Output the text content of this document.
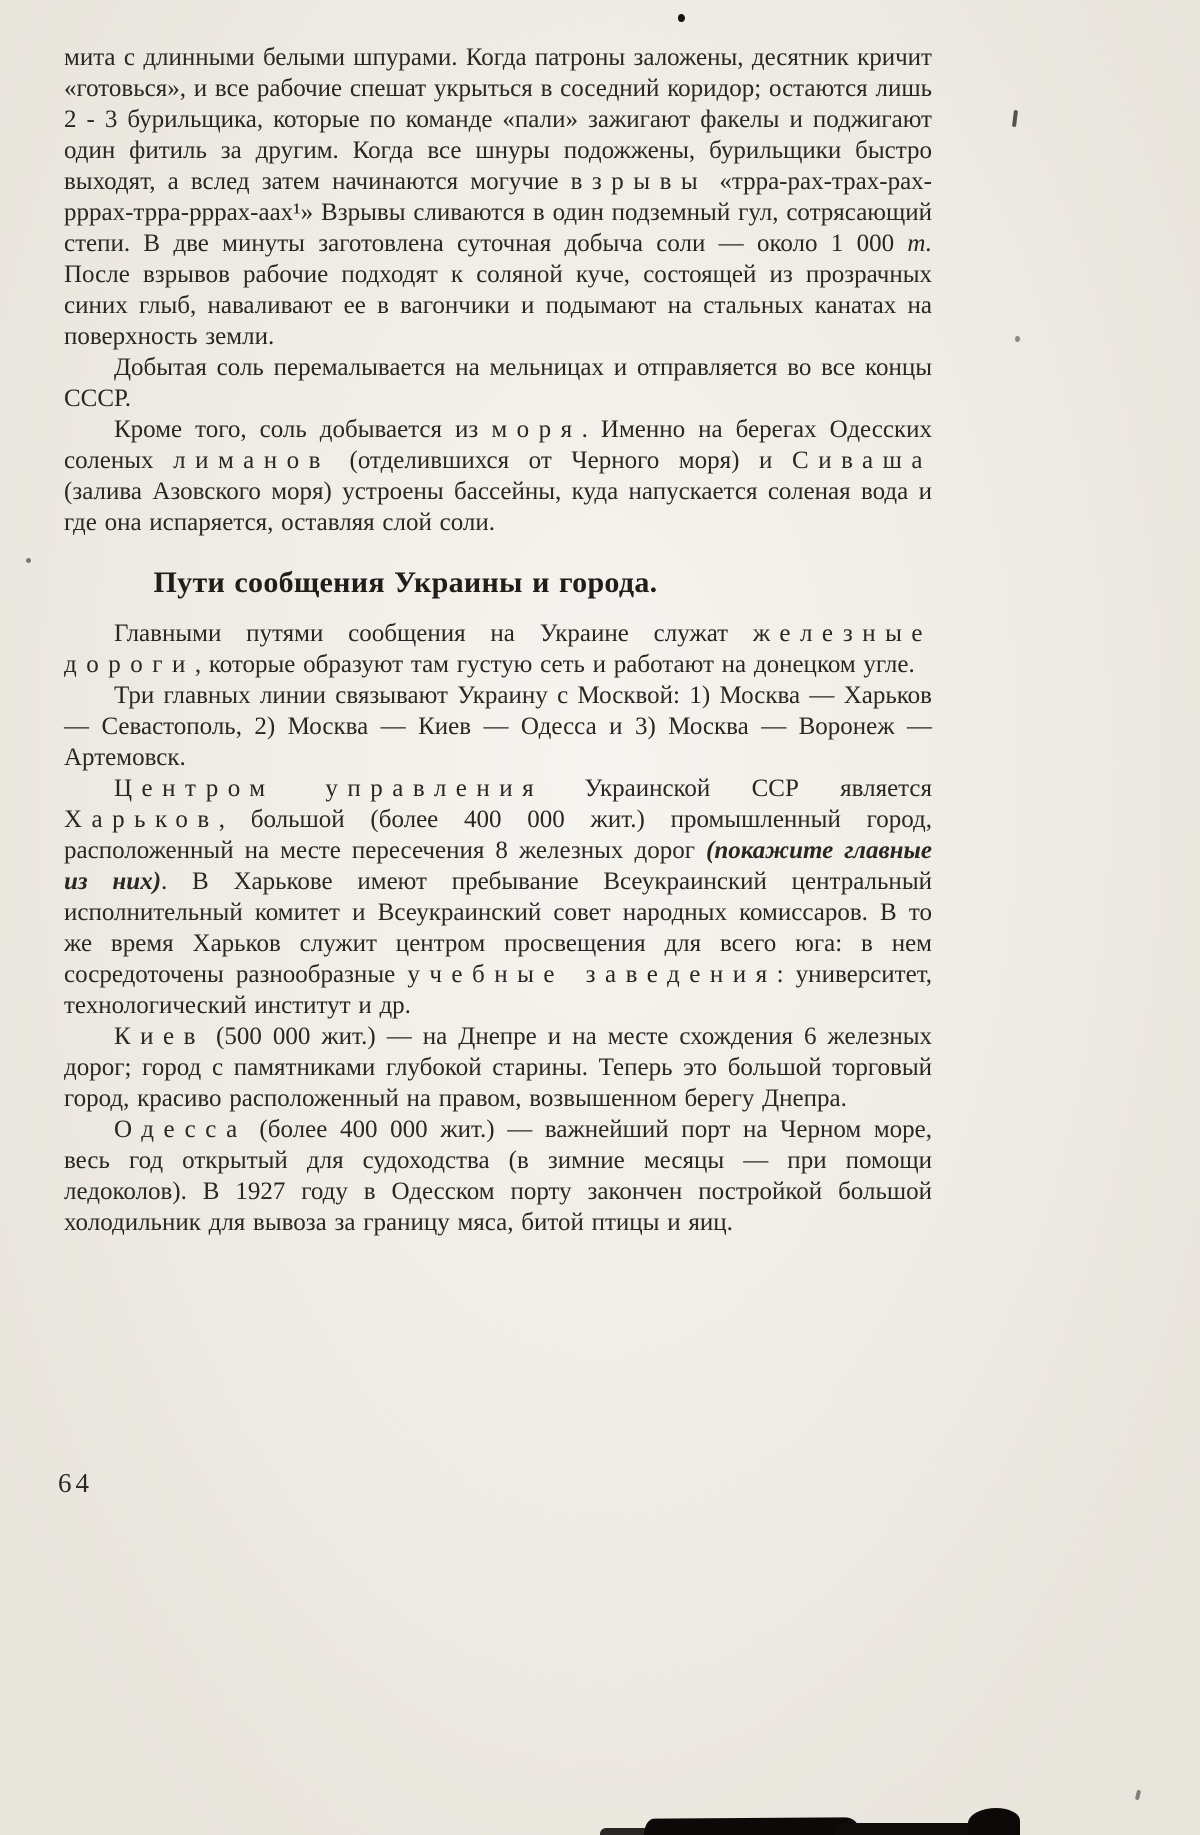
мита с длинными белыми шпурами. Когда патроны заложены, десятник кричит «готовься», и все рабочие спешат укрыться в соседний коридор; остаются лишь 2 - 3 бурильщика, которые по команде «пали» зажигают факелы и поджигают один фитиль за другим. Когда все шнуры подожжены, бурильщики быстро выходят, а вслед затем начинаются могучие взрывы «трра-рах-трах-рах-рррах-трра-рррах-аах¹» Взрывы сливаются в один подземный гул, сотрясающий степи. В две минуты заготовлена суточная добыча соли — около 1 000 т. После взрывов рабочие подходят к соляной куче, состоящей из прозрачных синих глыб, наваливают ее в вагончики и подымают на стальных канатах на поверхность земли.

Добытая соль перемалывается на мельницах и отправляется во все концы СССР.

Кроме того, соль добывается из моря. Именно на берегах Одесских соленых лиманов (отделившихся от Черного моря) и Сиваша (залива Азовского моря) устроены бассейны, куда напускается соленая вода и где она испаряется, оставляя слой соли.

Пути сообщения Украины и города.

Главными путями сообщения на Украине служат железные дороги, которые образуют там густую сеть и работают на донецком угле.

Три главных линии связывают Украину с Москвой: 1) Москва — Харьков — Севастополь, 2) Москва — Киев — Одесса и 3) Москва — Воронеж — Артемовск.

Центром управления Украинской ССР является Харьков, большой (более 400 000 жит.) промышленный город, расположенный на месте пересечения 8 железных дорог (покажите главные из них). В Харькове имеют пребывание Всеукраинский центральный исполнительный комитет и Всеукраинский совет народных комиссаров. В то же время Харьков служит центром просвещения для всего юга: в нем сосредоточены разнообразные учебные заведения: университет, технологический институт и др.

Киев (500 000 жит.) — на Днепре и на месте схождения 6 железных дорог; город с памятниками глубокой старины. Теперь это большой торговый город, красиво расположенный на правом, возвышенном берегу Днепра.

Одесса (более 400 000 жит.) — важнейший порт на Черном море, весь год открытый для судоходства (в зимние месяцы — при помощи ледоколов). В 1927 году в Одесском порту закончен постройкой большой холодильник для вывоза за границу мяса, битой птицы и яиц.

64
